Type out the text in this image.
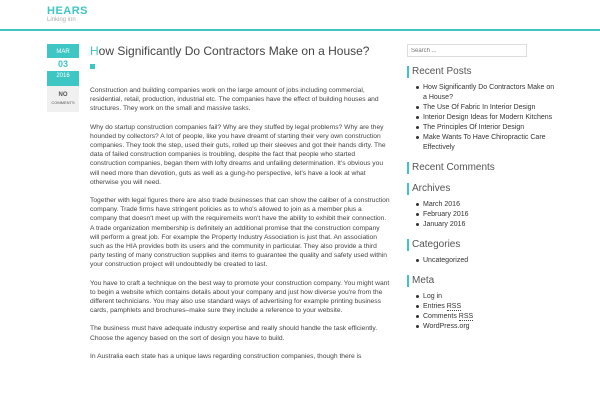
HEARS
Linking inn
MAR
03
2016
NO
COMMENTS
How Significantly Do Contractors Make on a House?

Construction and building companies work on the large amount of jobs including commercial, residential, retail, production, industrial etc. The companies have the effect of building houses and structures. They work on the small and massive tasks.

Why do startup construction companies fail? Why are they stuffed by legal problems? Why are they hounded by collectors? A lot of people, like you have dreamt of starting their very own construction companies. They took the step, used their guts, rolled up their sleeves and got their hands dirty. The data of failed construction companies is troubling, despite the fact that people who started construction companies, began them with lofty dreams and unfailing determination. It's obvious you will need more than devotion, guts as well as a gung-ho perspective, let's have a look at what otherwise you will need.

Together with legal figures there are also trade businesses that can show the caliber of a construction company. Trade firms have stringent policies as to who's allowed to join as a member plus a company that doesn't meet up with the requiremeits won't have the ability to exhibit their connection. A trade organization membership is definitely an additional promise that the construction company will perform a great job. For example the Property Industry Association is just that. An association such as the HIA provides both its users and the community in particular. They also provide a third party testing of many construction supplies and items to guarantee the quality and safety used within your construction project will undoubtedly be created to last.

You have to craft a technique on the best way to promote your construction company. You might want to begin a website which contains details about your company and just how diverse you're from the different technicians. You may also use standard ways of advertising for example printing business cards, pamphlets and brochures–make sure they include a reference to your website.

The business must have adequate industry expertise and really should handle the task efficiently. Choose the agency based on the sort of design you have to build.

In Australia each state has a unique laws regarding construction companies, though there is

Search ...
Recent Posts
How Significantly Do Contractors Make on a House?
The Use Of Fabric In Interior Design
Interior Design Ideas for Modern Kitchens
The Principles Of Interior Design
Make Wants To Have Chiropractic Care Effectively
Recent Comments
Archives
March 2016
February 2016
January 2016
Categories
Uncategorized
Meta
Log in
Entries RSS
Comments RSS
WordPress.org
